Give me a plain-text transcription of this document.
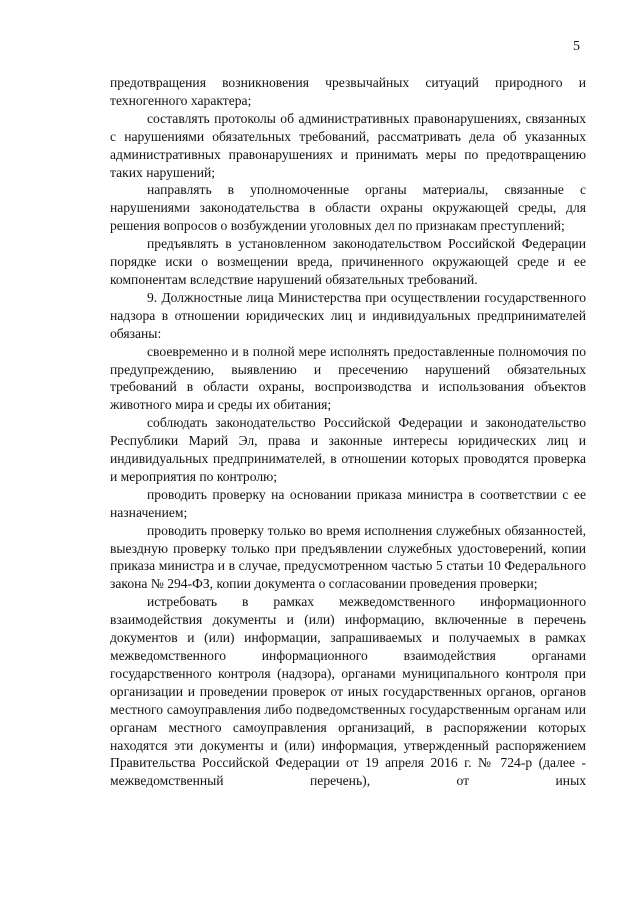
5

предотвращения возникновения чрезвычайных ситуаций природного и техногенного характера;

составлять протоколы об административных правонарушениях, связанных с нарушениями обязательных требований, рассматривать дела об указанных административных правонарушениях и принимать меры по предотвращению таких нарушений;

направлять в уполномоченные органы материалы, связанные с нарушениями законодательства в области охраны окружающей среды, для решения вопросов о возбуждении уголовных дел по признакам преступлений;

предъявлять в установленном законодательством Российской Федерации порядке иски о возмещении вреда, причиненного окружающей среде и ее компонентам вследствие нарушений обязательных требований.

9. Должностные лица Министерства при осуществлении государственного надзора в отношении юридических лиц и индивидуальных предпринимателей обязаны:

своевременно и в полной мере исполнять предоставленные полномочия по предупреждению, выявлению и пресечению нарушений обязательных требований в области охраны, воспроизводства и использования объектов животного мира и среды их обитания;

соблюдать законодательство Российской Федерации и законодательство Республики Марий Эл, права и законные интересы юридических лиц и индивидуальных предпринимателей, в отношении которых проводятся проверка и мероприятия по контролю;

проводить проверку на основании приказа министра в соответствии с ее назначением;

проводить проверку только во время исполнения служебных обязанностей, выездную проверку только при предъявлении служебных удостоверений, копии приказа министра и в случае, предусмотренном частью 5 статьи 10 Федерального закона № 294-ФЗ, копии документа о согласовании проведения проверки;

истребовать в рамках межведомственного информационного взаимодействия документы и (или) информацию, включенные в перечень документов и (или) информации, запрашиваемых и получаемых в рамках межведомственного информационного взаимодействия органами государственного контроля (надзора), органами муниципального контроля при организации и проведении проверок от иных государственных органов, органов местного самоуправления либо подведомственных государственным органам или органам местного самоуправления организаций, в распоряжении которых находятся эти документы и (или) информация, утвержденный распоряжением Правительства Российской Федерации от 19 апреля 2016 г. № 724-р (далее - межведомственный перечень), от иных
